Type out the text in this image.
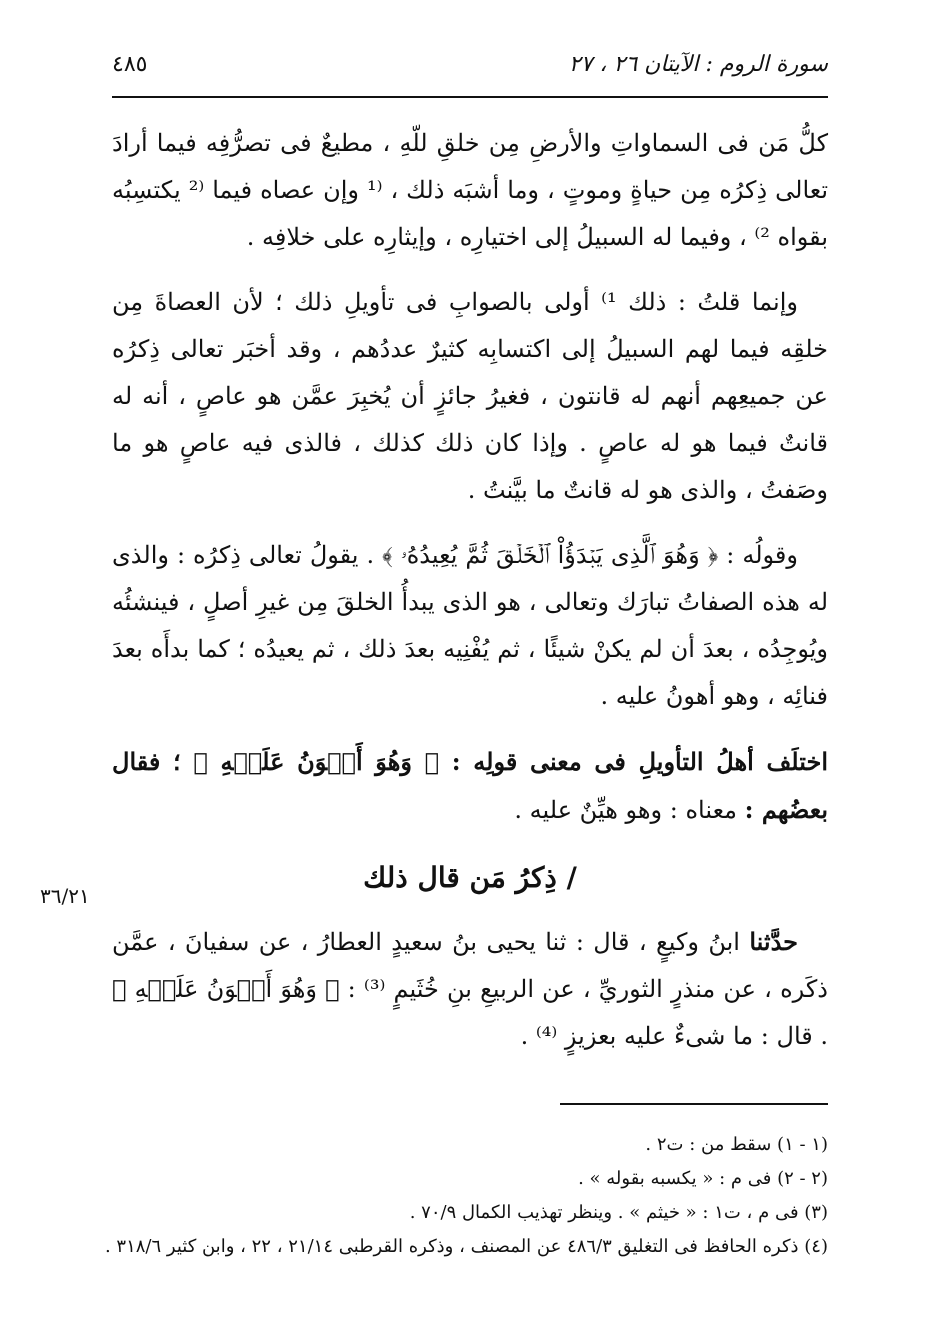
سورة الروم : الآيتان ٢٦ ، ٢٧
٤٨٥

كلُّ مَن فى السماواتِ والأرضِ مِن خلقِ للّهِ ، مطيعٌ فى تصرُّفِه فيما أرادَ تعالى ذِكرُه مِن حياةٍ وموتٍ ، وما أشبَه ذلك ، ⁽¹ وإن عصاه فيما ⁽² يكتسِبُه بقواه ²⁾ ، وفيما له السبيلُ إلى اختيارِه ، وإيثارِه على خلافِه .

وإنما قلتُ : ذلك ¹⁾ أولى بالصوابِ فى تأويلِ ذلك ؛ لأن العصاةَ مِن خلقِه فيما لهم السبيلُ إلى اكتسابِه كثيرٌ عددُهم ، وقد أخبَر تعالى ذِكرُه عن جميعِهم أنهم له قانتون ، فغيرُ جائزٍ أن يُخبِرَ عمَّن هو عاصٍ ، أنه له قانتٌ فيما هو له عاصٍ . وإذا كان ذلك كذلك ، فالذى فيه عاصٍ هو ما وصَفتُ ، والذى هو له قانتٌ ما بيَّنتُ .

وقولُه : ﴿ وَهُوَ ٱلَّذِى يَبۡدَؤُاْ ٱلۡخَلۡقَ ثُمَّ يُعِيدُهُۥ ﴾ . يقولُ تعالى ذِكرُه : والذى له هذه الصفاتُ تبارَك وتعالى ، هو الذى يبدأُ الخلقَ مِن غيرِ أصلٍ ، فينشئُه ويُوجِدُه ، بعدَ أن لم يكنْ شيئًا ، ثم يُفْنِيه بعدَ ذلك ، ثم يعيدُه ؛ كما بدأَه بعدَ فنائِه ، وهو أهونُ عليه .

اختلَف أهلُ التأويلِ فى معنى قولِه : ﴿ وَهُوَ أَهۡوَنُ عَلَيۡهِ ﴾ ؛ فقال بعضُهم : معناه : وهو هيِّنٌ عليه .

/ ذِكرُ مَن قال ذلك

حدَّثنا ابنُ وكيعٍ ، قال : ثنا يحيى بنُ سعيدٍ العطارُ ، عن سفيانَ ، عمَّن ذكَره ، عن منذرٍ الثوريِّ ، عن الربيعِ بنِ خُثَيمٍ ⁽³⁾ : ﴿ وَهُوَ أَهۡوَنُ عَلَيۡهِ ﴾ . قال : ما شىءٌ عليه بعزيزٍ ⁽⁴⁾ .

٣٦/٢١
(١ - ١) سقط من : ت٢ .
(٢ - ٢) فى م : « يكسبه بقوله » .
(٣) فى م ، ت١ : « خيثم » . وينظر تهذيب الكمال ٧٠/٩ .
(٤) ذكره الحافظ فى التغليق ٤٨٦/٣ عن المصنف ، وذكره القرطبى ٢١/١٤ ، ٢٢ ، وابن كثير ٣١٨/٦ .
